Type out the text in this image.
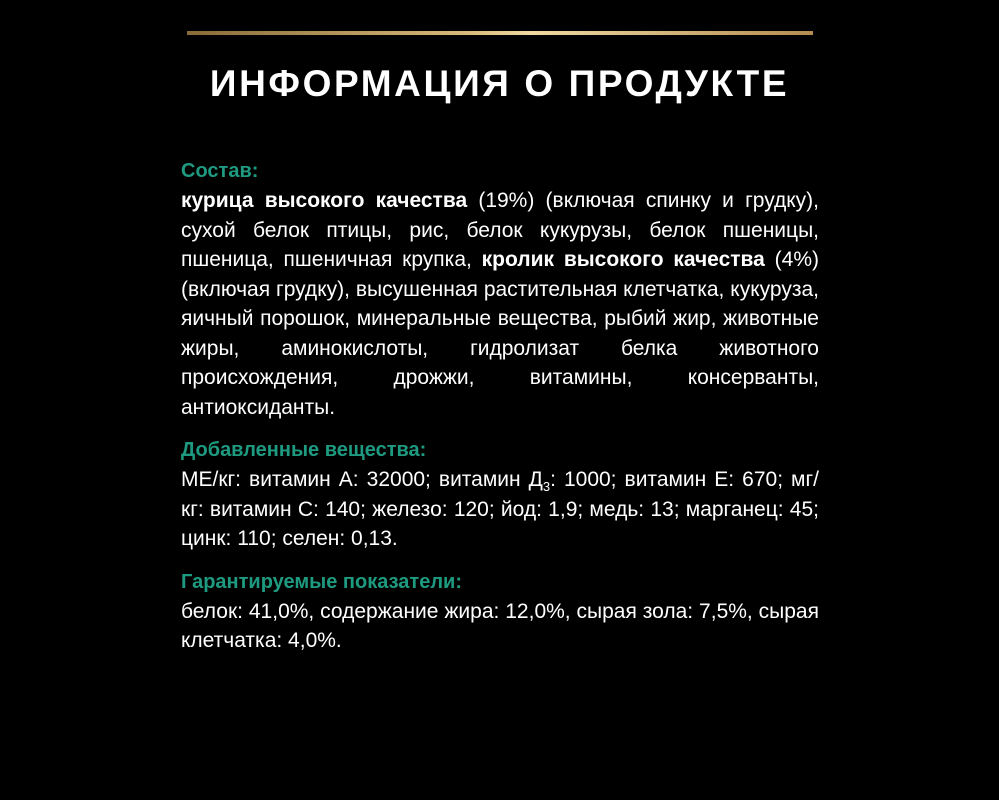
ИНФОРМАЦИЯ О ПРОДУКТЕ

Состав:

курица высокого качества (19%) (включая спинку и грудку), сухой белок птицы, рис, белок кукурузы, белок пшеницы, пшеница, пшеничная крупка, кролик высокого качества (4%) (включая грудку), высушенная растительная клетчатка, кукуруза, яичный порошок, минеральные вещества, рыбий жир, животные жиры, аминокислоты, гидролизат белка животного происхождения, дрожжи, витамины, консерванты, антиоксиданты.

Добавленные вещества:

МЕ/кг: витамин А: 32000; витамин $Д_3$: 1000; витамин Е: 670; мг/кг: витамин С: 140; железо: 120; йод: 1,9; медь: 13; марганец: 45; цинк: 110; селен: 0,13.

Гарантируемые показатели:

белок: 41,0%, содержание жира: 12,0%, сырая зола: 7,5%, сырая клетчатка: 4,0%.
